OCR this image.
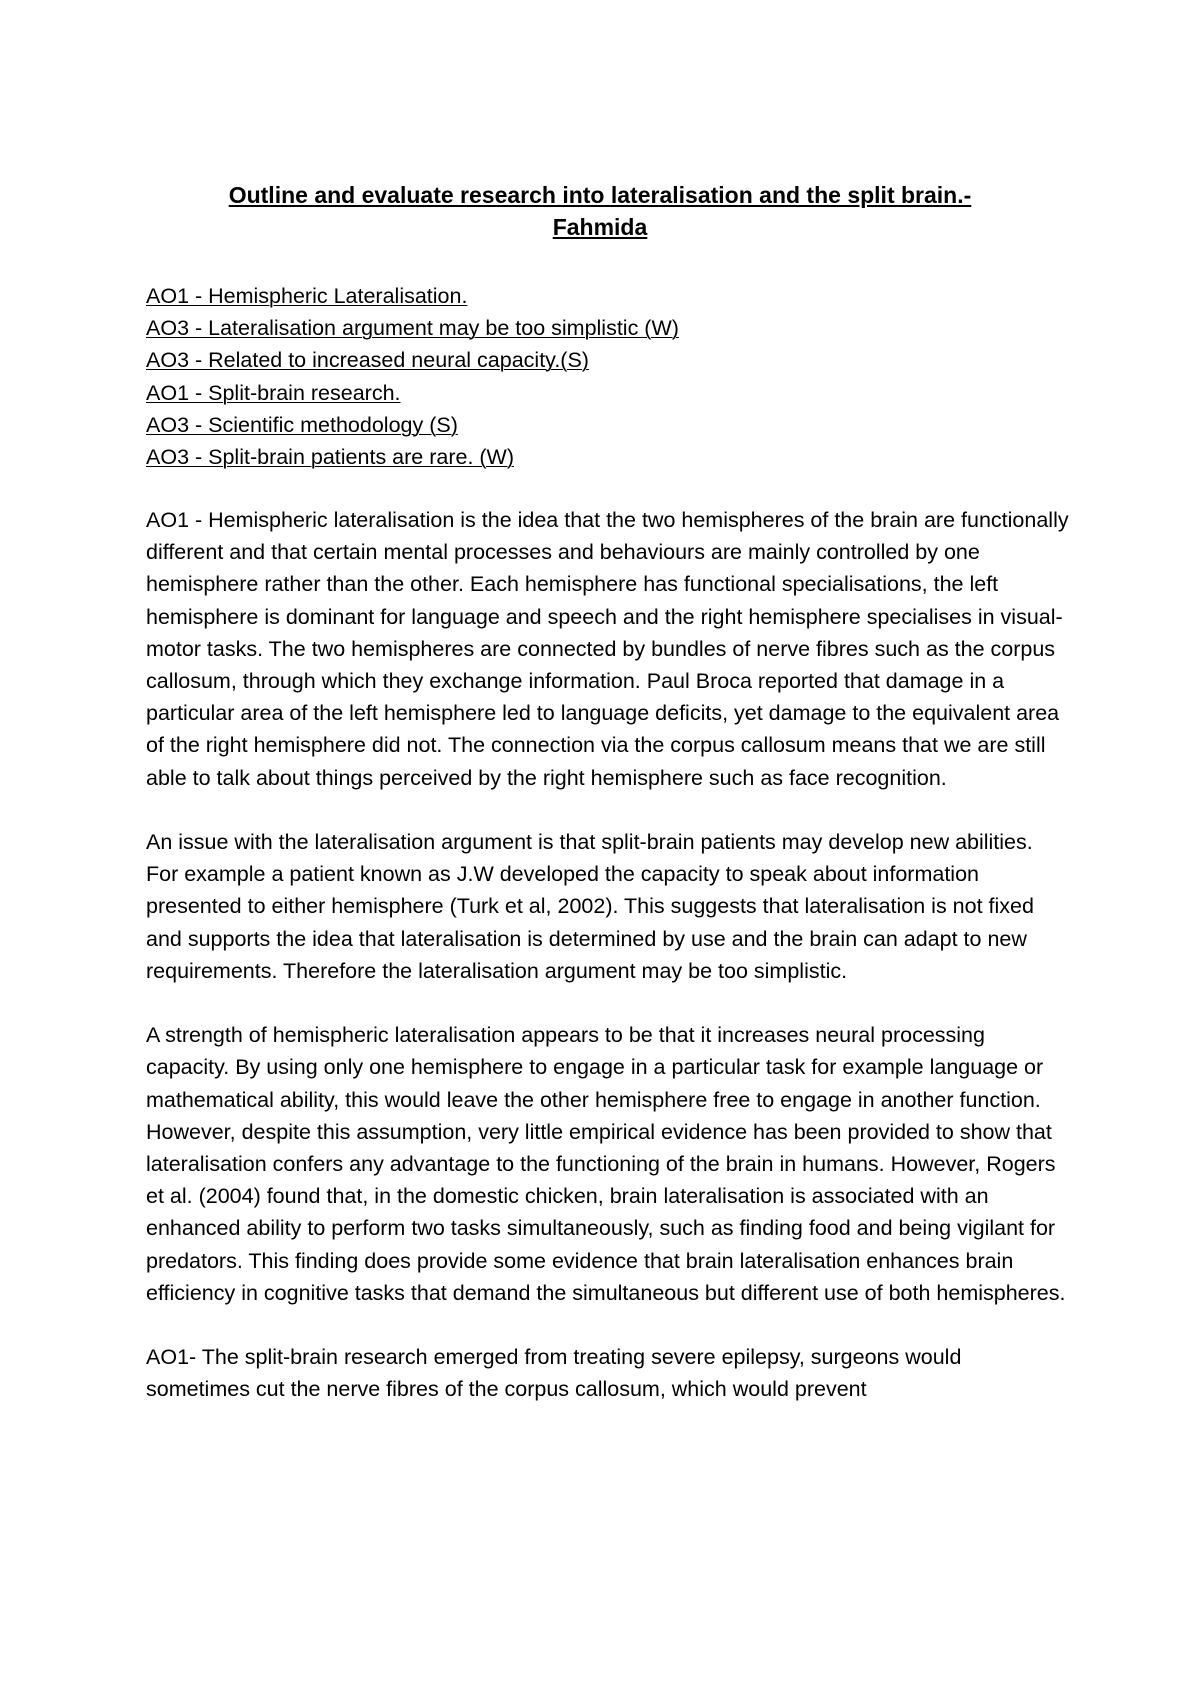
Outline and evaluate research into lateralisation and the split brain.-
Fahmida
AO1 - Hemispheric Lateralisation.
AO3 - Lateralisation argument may be too simplistic (W)
AO3 - Related to increased neural capacity.(S)
AO1 - Split-brain research.
AO3 - Scientific methodology (S)
AO3 - Split-brain patients are rare. (W)

AO1 - Hemispheric lateralisation is the idea that the two hemispheres of the brain are functionally different and that certain mental processes and behaviours are mainly controlled by one hemisphere rather than the other. Each hemisphere has functional specialisations, the left hemisphere is dominant for language and speech and the right hemisphere specialises in visual-motor tasks. The two hemispheres are connected by bundles of nerve fibres such as the corpus callosum, through which they exchange information. Paul Broca reported that damage in a particular area of the left hemisphere led to language deficits, yet damage to the equivalent area of the right hemisphere did not. The connection via the corpus callosum means that we are still able to talk about things perceived by the right hemisphere such as face recognition.

An issue with the lateralisation argument is that split-brain patients may develop new abilities. For example a patient known as J.W developed the capacity to speak about information presented to either hemisphere (Turk et al, 2002). This suggests that lateralisation is not fixed and supports the idea that lateralisation is determined by use and the brain can adapt to new requirements. Therefore the lateralisation argument may be too simplistic.

A strength of hemispheric lateralisation appears to be that it increases neural processing capacity. By using only one hemisphere to engage in a particular task for example language or mathematical ability, this would leave the other hemisphere free to engage in another function. However, despite this assumption, very little empirical evidence has been provided to show that lateralisation confers any advantage to the functioning of the brain in humans. However, Rogers et al. (2004) found that, in the domestic chicken, brain lateralisation is associated with an enhanced ability to perform two tasks simultaneously, such as finding food and being vigilant for predators. This finding does provide some evidence that brain lateralisation enhances brain efficiency in cognitive tasks that demand the simultaneous but different use of both hemispheres.

AO1- The split-brain research emerged from treating severe epilepsy, surgeons would sometimes cut the nerve fibres of the corpus callosum, which would prevent
